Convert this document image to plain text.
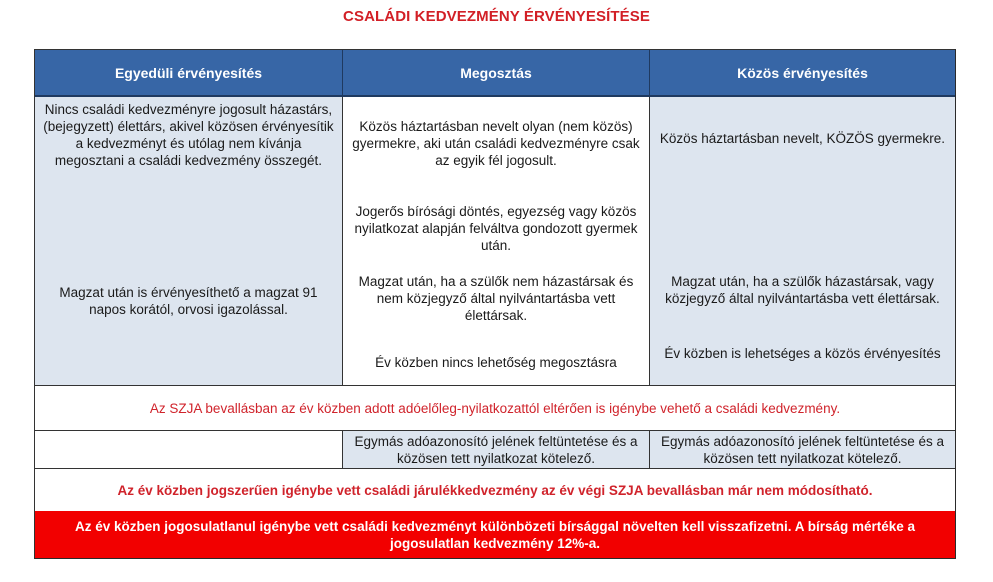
CSALÁDI KEDVEZMÉNY ÉRVÉNYESÍTÉSE
Egyedüli érvényesítés	Megosztás	Közös érvényesítés
Nincs családi kedvezményre jogosult házastárs, (bejegyzett) élettárs, akivel közösen érvényesítik a kedvezményt és utólag nem kívánja megosztani a családi kedvezmény összegét.
Magzat után is érvényesíthető a magzat 91 napos korától, orvosi igazolással.
Közös háztartásban nevelt olyan (nem közös) gyermekre, aki után családi kedvezményre csak az egyik fél jogosult.
Jogerős bírósági döntés, egyezség vagy közös nyilatkozat alapján felváltva gondozott gyermek után.
Magzat után, ha a szülők nem házastársak és nem közjegyző által nyilvántartásba vett élettársak.
Év közben nincs lehetőség megosztásra
Közös háztartásban nevelt, KÖZÖS gyermekre.
Magzat után, ha a szülők házastársak, vagy közjegyző által nyilvántartásba vett élettársak.
Év közben is lehetséges a közös érvényesítés
Az SZJA bevallásban az év közben adott adóelőleg-nyilatkozattól eltérően is igénybe vehető a családi kedvezmény.
Egymás adóazonosító jelének feltüntetése és a közösen tett nyilatkozat kötelező.
Egymás adóazonosító jelének feltüntetése és a közösen tett nyilatkozat kötelező.
Az év közben jogszerűen igénybe vett családi járulékkedvezmény az év végi SZJA bevallásban már nem módosítható.
Az év közben jogosulatlanul igénybe vett családi kedvezményt különbözeti bírsággal növelten kell visszafizetni. A bírság mértéke a jogosulatlan kedvezmény 12%-a.
